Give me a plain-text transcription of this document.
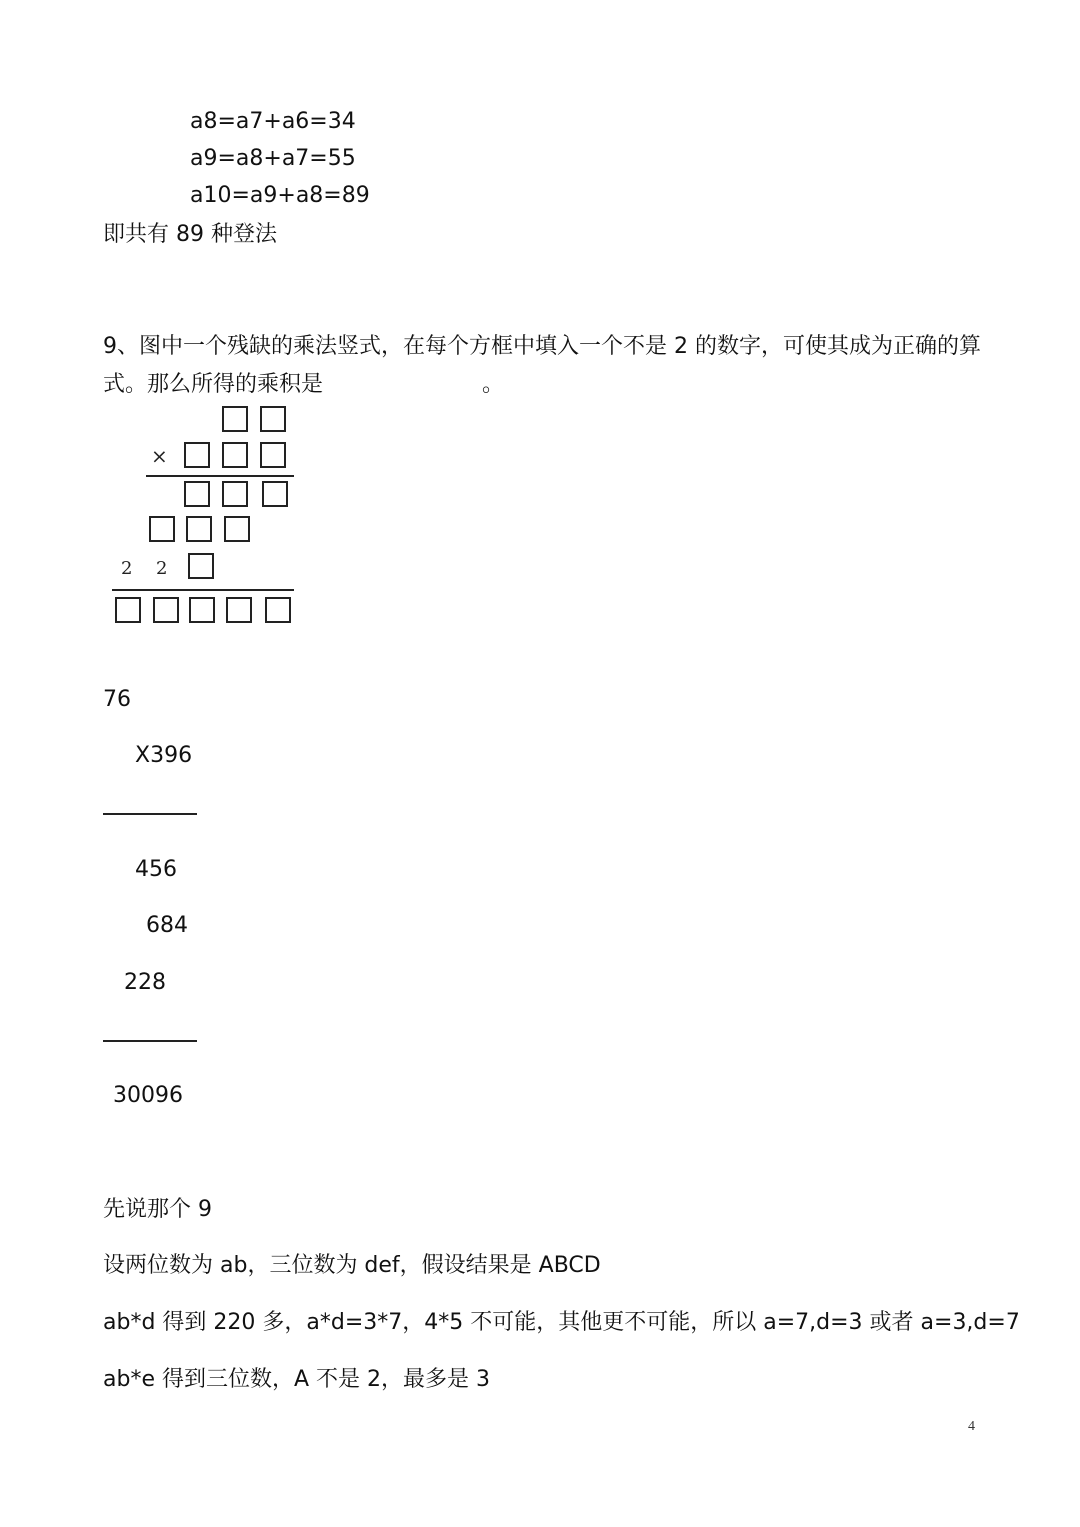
a8=a7+a6=34
a9=a8+a7=55
a10=a9+a8=89
即共有 89 种登法
9、图中一个残缺的乘法竖式，在每个方框中填入一个不是 2 的数字，可使其成为正确的算
式。那么所得的乘积是	。
×
2 2
76
X396
456
684
228
30096
先说那个 9
设两位数为 ab，三位数为 def，假设结果是 ABCD
ab*d 得到 220 多，a*d=3*7，4*5 不可能，其他更不可能，所以 a=7,d=3 或者 a=3,d=7
ab*e 得到三位数，A 不是 2，最多是 3
4
